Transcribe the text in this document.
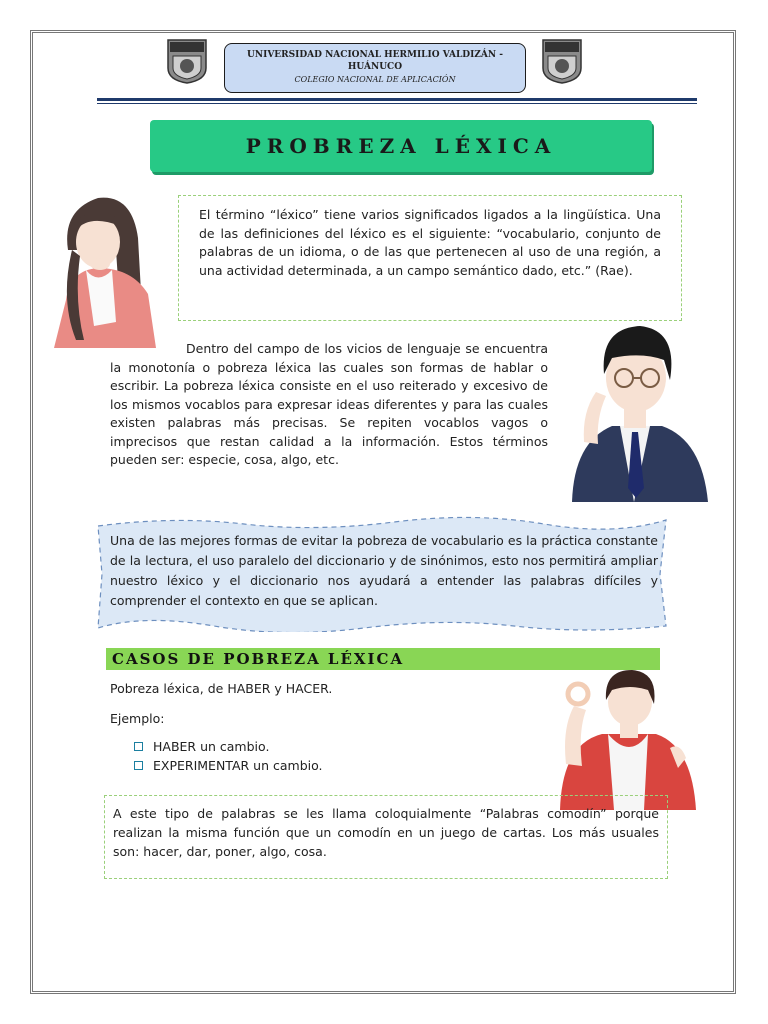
UNIVERSIDAD NACIONAL HERMILIO VALDIZÁN - HUÁNUCO
COLEGIO NACIONAL DE APLICACIÓN
PROBREZA LÉXICA

El término “léxico” tiene varios significados ligados a la lingüística. Una de las definiciones del léxico es el siguiente: “vocabulario, conjunto de palabras de un idioma, o de las que pertenecen al uso de una región, a una actividad determinada, a un campo semántico dado, etc.” (Rae).

Dentro del campo de los vicios de lenguaje se encuentra la monotonía o pobreza léxica las cuales son formas de hablar o escribir. La pobreza léxica consiste en el uso reiterado y excesivo de los mismos vocablos para expresar ideas diferentes y para las cuales existen palabras más precisas. Se repiten vocablos vagos o imprecisos que restan calidad a la información. Estos términos pueden ser: especie, cosa, algo, etc.

Una de las mejores formas de evitar la pobreza de vocabulario es la práctica constante de la lectura, el uso paralelo del diccionario y de sinónimos, esto nos permitirá ampliar nuestro léxico y el diccionario nos ayudará a entender las palabras difíciles y comprender el contexto en que se aplican.

CASOS DE POBREZA LÉXICA

Pobreza léxica, de HABER y HACER.

Ejemplo:

HABER un cambio.
EXPERIMENTAR un cambio.

A este tipo de palabras se les llama coloquialmente “Palabras comodín” porque realizan la misma función que un comodín en un juego de cartas. Los más usuales son: hacer, dar, poner, algo, cosa.
